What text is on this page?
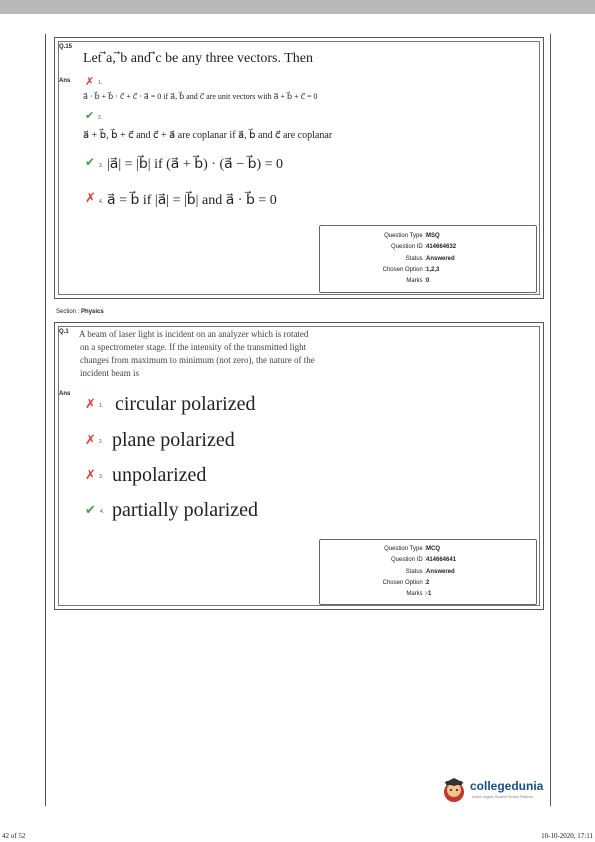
Q.15
Let ⃗a, ⃗b and ⃗c be any three vectors. Then
Ans ✗ 1.
a⃗ · b⃗ + b⃗ · c⃗ + c⃗ · a⃗ = 0 if a⃗, b⃗ and c⃗ are unit vectors with a⃗ + b⃗ + c⃗ = 0
✔ 2.
a⃗ + b⃗, b⃗ + c⃗ and c⃗ + a⃗ are coplanar if a⃗, b⃗ and c⃗ are coplanar
✔ 3. |a⃗| = |b⃗| if (a⃗ + b⃗) · (a⃗ − b⃗) = 0
✗ 4. a⃗ = b⃗ if |a⃗| = |b⃗| and a⃗ · b⃗ = 0
Question Type : MSQ
Question ID : 414664632
Status : Answered
Chosen Option : 1,2,3
Marks : 0
Section : Physics
Q.1 A beam of laser light is incident on an analyzer which is rotated
on a spectrometer stage. If the intensity of the transmitted light
changes from maximum to minimum (not zero), the nature of the
incident beam is
Ans
✗ 1. circular polarized
✗ 2. plane polarized
✗ 3. unpolarized
✔ 4. partially polarized
Question Type : MCQ
Question ID : 414664641
Status : Answered
Chosen Option : 2
Marks : -1
collegedunia
India's largest Student Review Platform
42 of 52	10-10-2020, 17:11
